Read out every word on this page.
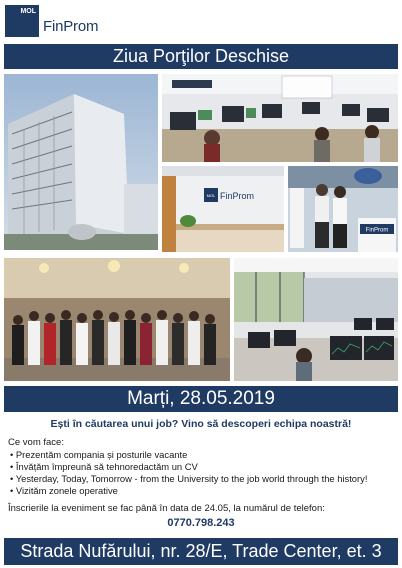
MOL
FinProm
Ziua Porţilor Deschise
MOL FinProm
FinProm
Marți, 28.05.2019
Ești în căutarea unui job? Vino să descoperi echipa noastră!
Ce vom face:
• Prezentăm compania și posturile vacante
• Învățăm împreună să tehnoredactăm un CV
• Yesterday, Today, Tomorrow - from the University to the job world through the history!
• Vizităm zonele operative
Înscrierile la eveniment se fac până în data de 24.05, la numărul de telefon:
0770.798.243
Strada Nufărului, nr. 28/E, Trade Center, et. 3
